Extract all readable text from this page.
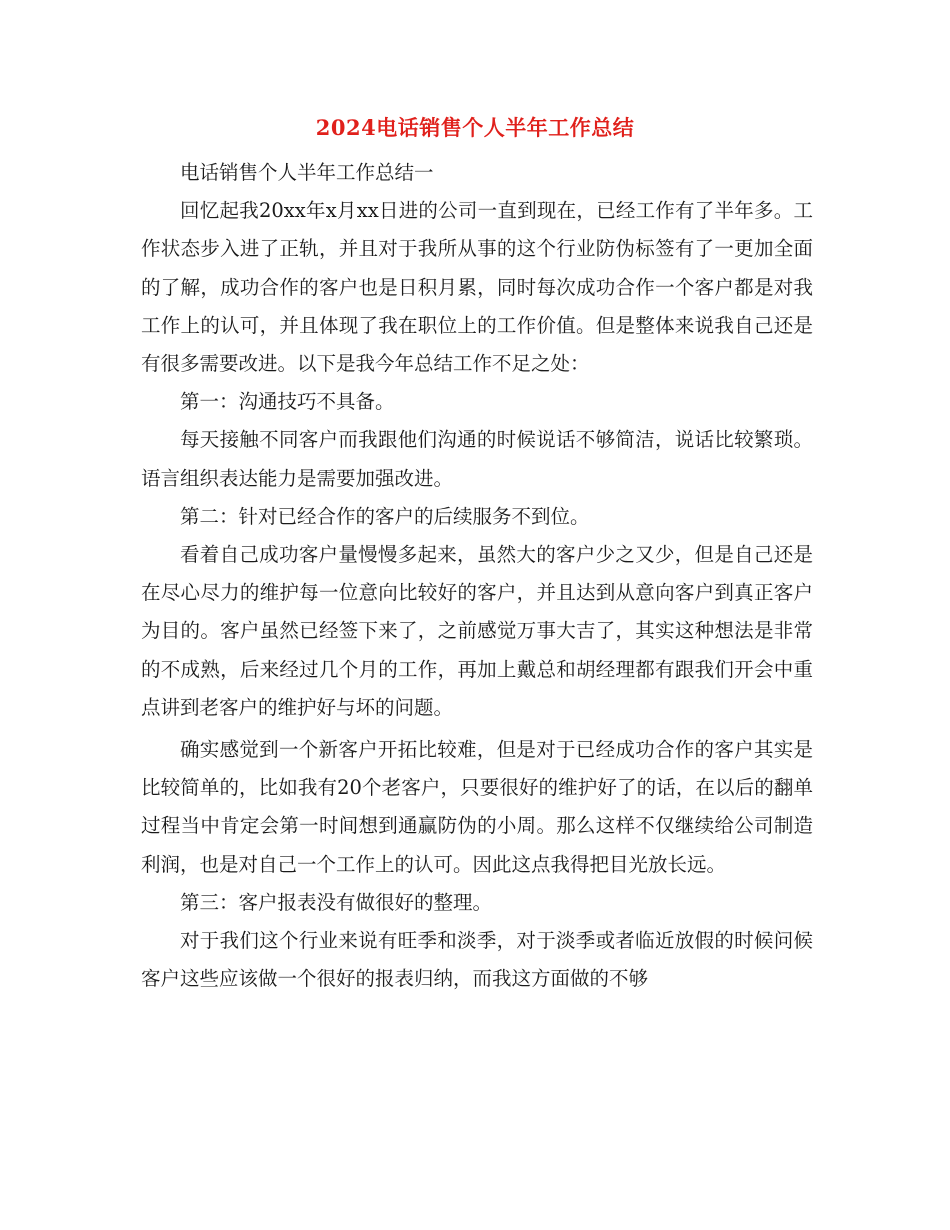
2024电话销售个人半年工作总结

电话销售个人半年工作总结一

回忆起我20xx年x月xx日进的公司一直到现在，已经工作有了半年多。工作状态步入进了正轨，并且对于我所从事的这个行业防伪标签有了一更加全面的了解，成功合作的客户也是日积月累，同时每次成功合作一个客户都是对我工作上的认可，并且体现了我在职位上的工作价值。但是整体来说我自己还是有很多需要改进。以下是我今年总结工作不足之处：

第一：沟通技巧不具备。

每天接触不同客户而我跟他们沟通的时候说话不够简洁，说话比较繁琐。语言组织表达能力是需要加强改进。

第二：针对已经合作的客户的后续服务不到位。

看着自己成功客户量慢慢多起来，虽然大的客户少之又少，但是自己还是在尽心尽力的维护每一位意向比较好的客户，并且达到从意向客户到真正客户为目的。客户虽然已经签下来了，之前感觉万事大吉了，其实这种想法是非常的不成熟，后来经过几个月的工作，再加上戴总和胡经理都有跟我们开会中重点讲到老客户的维护好与坏的问题。

确实感觉到一个新客户开拓比较难，但是对于已经成功合作的客户其实是比较简单的，比如我有20个老客户，只要很好的维护好了的话，在以后的翻单过程当中肯定会第一时间想到通赢防伪的小周。那么这样不仅继续给公司制造利润，也是对自己一个工作上的认可。因此这点我得把目光放长远。

第三：客户报表没有做很好的整理。

对于我们这个行业来说有旺季和淡季，对于淡季或者临近放假的时候问候客户这些应该做一个很好的报表归纳，而我这方面做的不够
